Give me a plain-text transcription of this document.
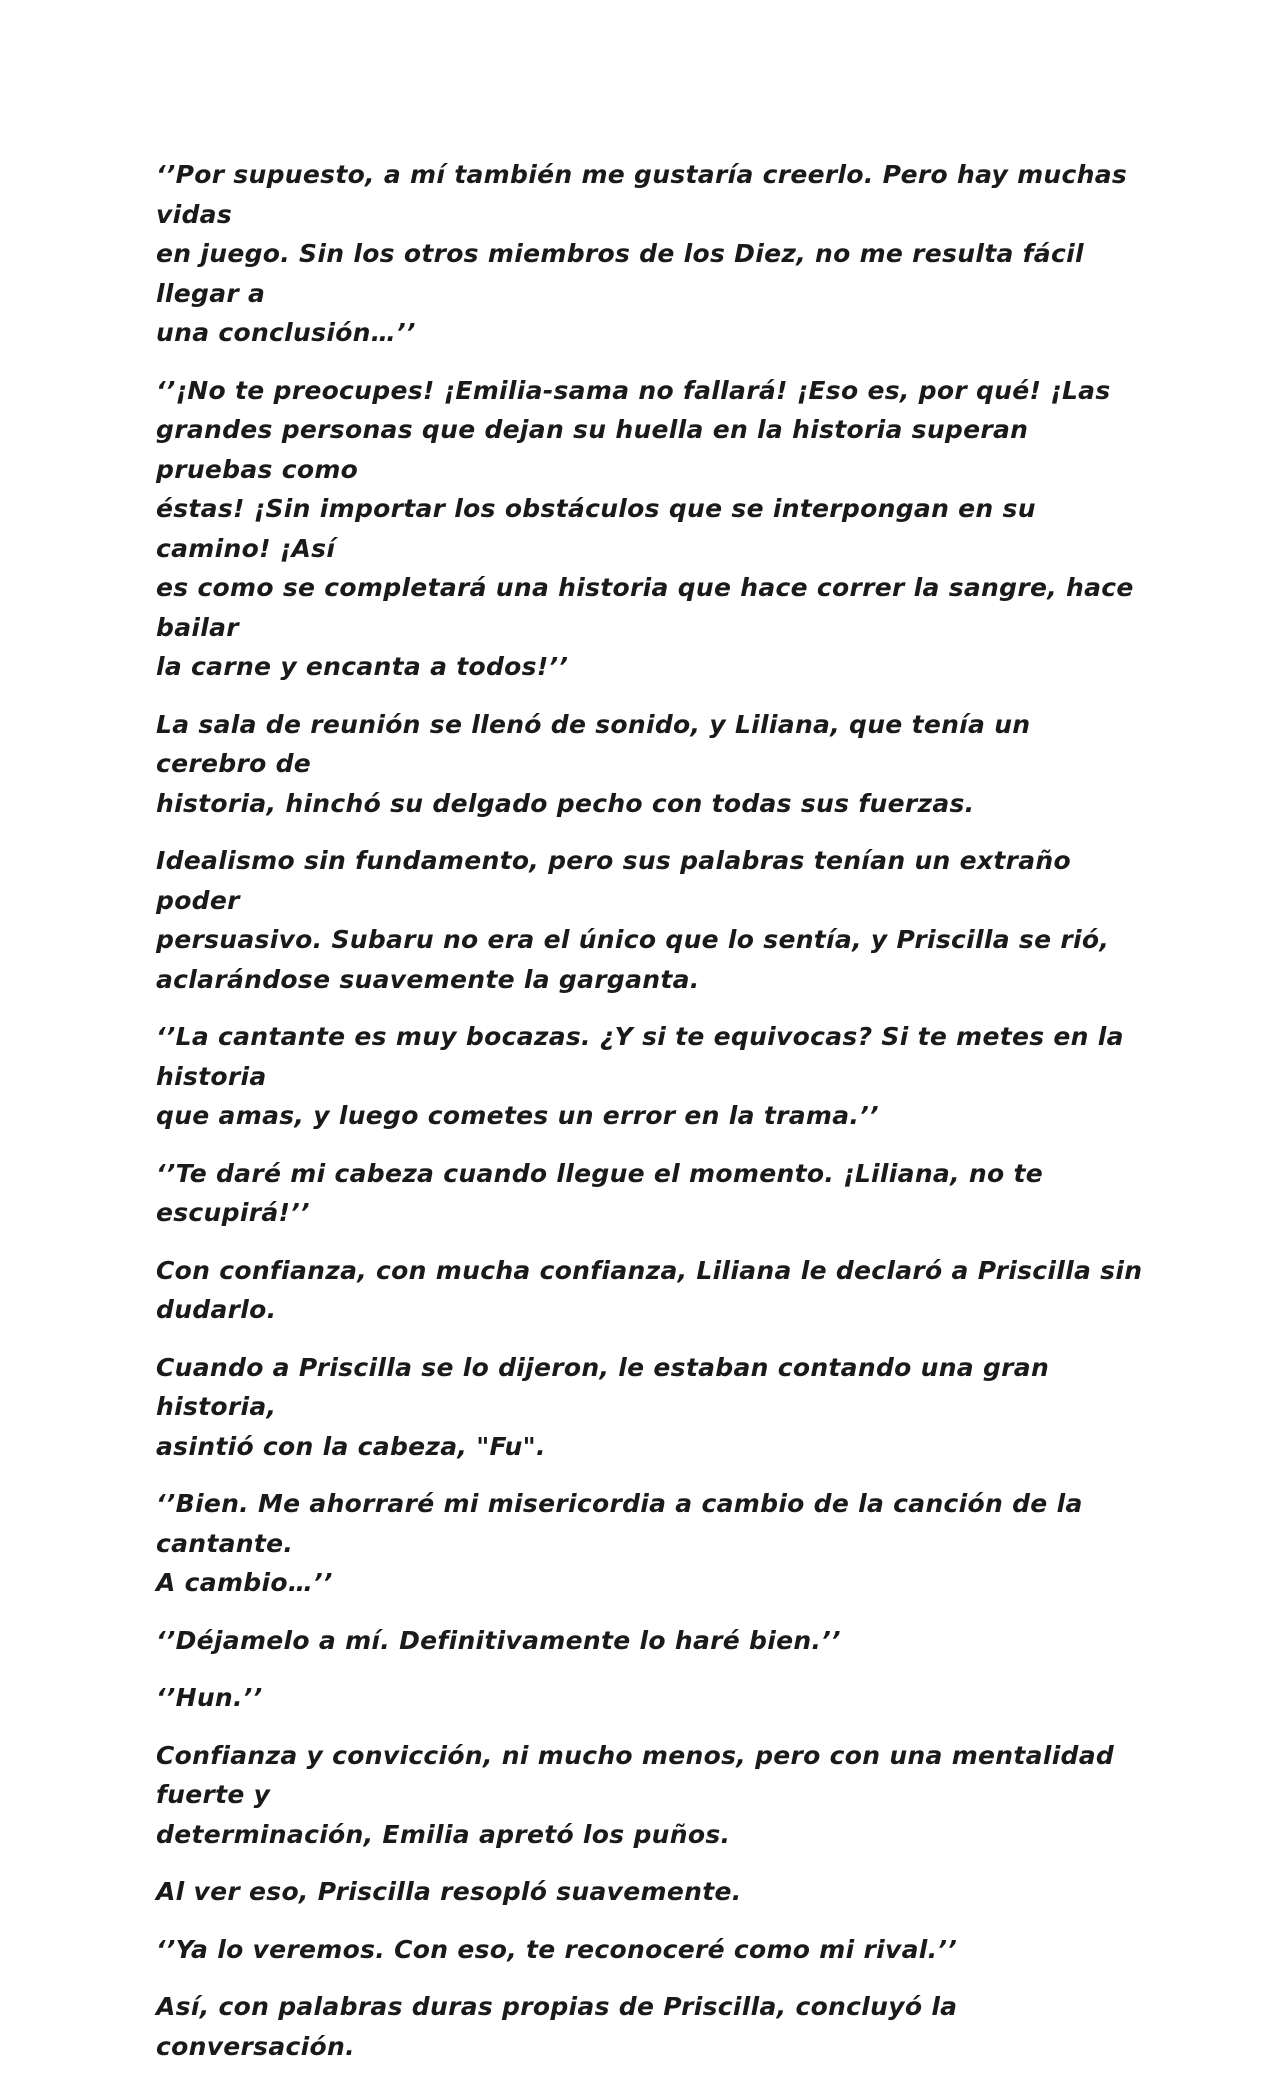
‘’Por supuesto, a mí también me gustaría creerlo. Pero hay muchas vidas
en juego. Sin los otros miembros de los Diez, no me resulta fácil llegar a
una conclusión…’’

‘’¡No te preocupes! ¡Emilia-sama no fallará! ¡Eso es, por qué! ¡Las
grandes personas que dejan su huella en la historia superan pruebas como
éstas! ¡Sin importar los obstáculos que se interpongan en su camino! ¡Así
es como se completará una historia que hace correr la sangre, hace bailar
la carne y encanta a todos!’’

La sala de reunión se llenó de sonido, y Liliana, que tenía un cerebro de
historia, hinchó su delgado pecho con todas sus fuerzas.

Idealismo sin fundamento, pero sus palabras tenían un extraño poder
persuasivo. Subaru no era el único que lo sentía, y Priscilla se rió,
aclarándose suavemente la garganta.

‘’La cantante es muy bocazas. ¿Y si te equivocas? Si te metes en la historia
que amas, y luego cometes un error en la trama.’’

‘’Te daré mi cabeza cuando llegue el momento. ¡Liliana, no te escupirá!’’

Con confianza, con mucha confianza, Liliana le declaró a Priscilla sin
dudarlo.

Cuando a Priscilla se lo dijeron, le estaban contando una gran historia,
asintió con la cabeza, "Fu".

‘’Bien. Me ahorraré mi misericordia a cambio de la canción de la cantante.
A cambio…’’

‘’Déjamelo a mí. Definitivamente lo haré bien.’’

‘’Hun.’’

Confianza y convicción, ni mucho menos, pero con una mentalidad fuerte y
determinación, Emilia apretó los puños.

Al ver eso, Priscilla resopló suavemente.

‘’Ya lo veremos. Con eso, te reconoceré como mi rival.’’

Así, con palabras duras propias de Priscilla, concluyó la conversación.
